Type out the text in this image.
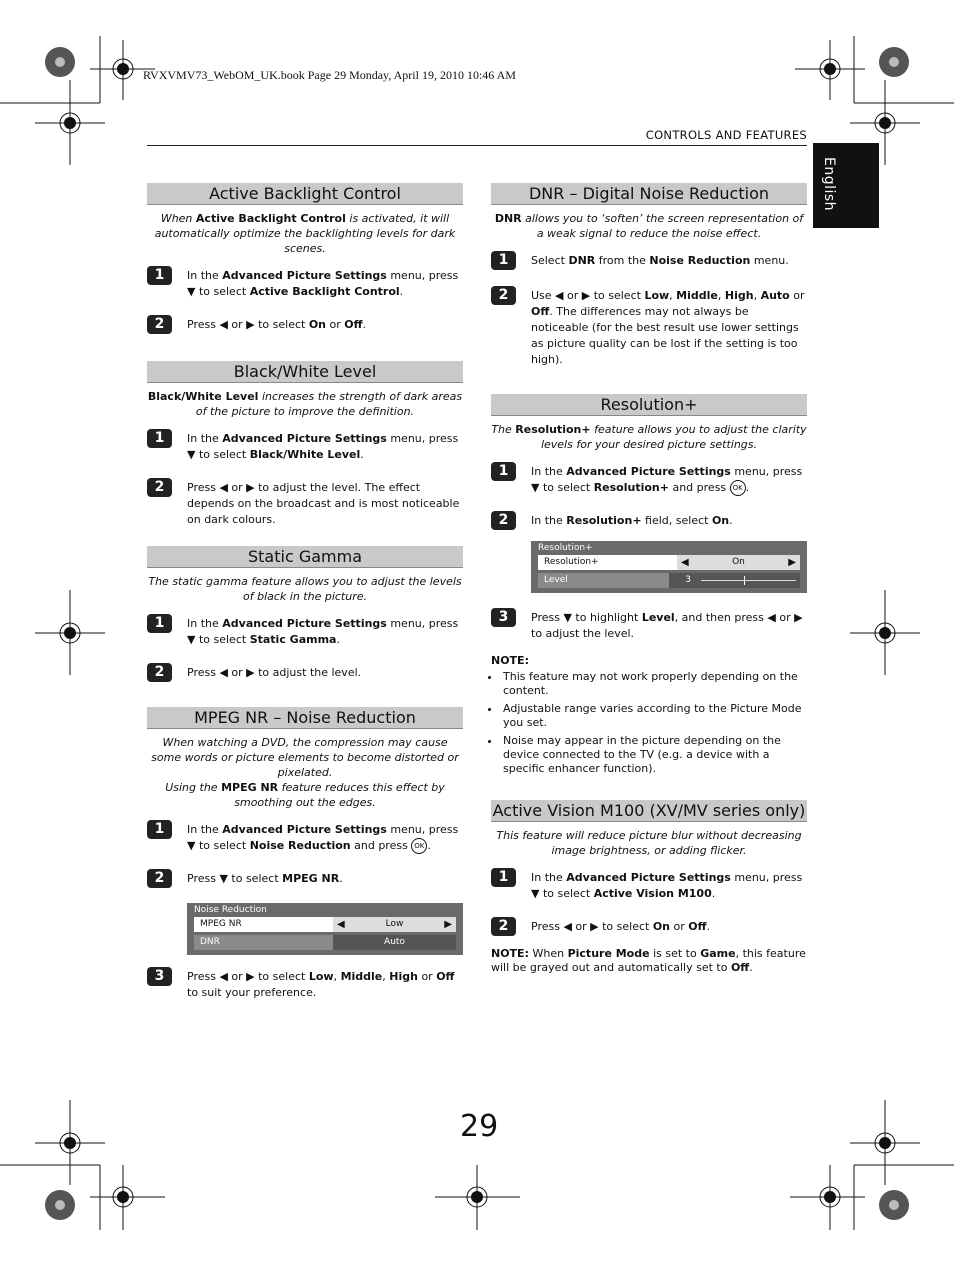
RVXVMV73_WebOM_UK.book Page 29 Monday, April 19, 2010 10:46 AM
CONTROLS AND FEATURES
English
Active Backlight Control
When Active Backlight Control is activated, it will automatically optimize the backlighting levels for dark scenes.
1	In the Advanced Picture Settings menu, press ▼ to select Active Backlight Control.
2	Press ◀ or ▶ to select On or Off.
Black/White Level
Black/White Level increases the strength of dark areas of the picture to improve the definition.
1	In the Advanced Picture Settings menu, press ▼ to select Black/White Level.
2	Press ◀ or ▶ to adjust the level. The effect depends on the broadcast and is most noticeable on dark colours.
Static Gamma
The static gamma feature allows you to adjust the levels of black in the picture.
1	In the Advanced Picture Settings menu, press ▼ to select Static Gamma.
2	Press ◀ or ▶ to adjust the level.
MPEG NR – Noise Reduction
When watching a DVD, the compression may cause some words or picture elements to become distorted or pixelated.
Using the MPEG NR feature reduces this effect by smoothing out the edges.
1	In the Advanced Picture Settings menu, press ▼ to select Noise Reduction and press OK .
2	Press ▼ to select MPEG NR.
Noise Reduction
MPEG NR	◀	Low	▶
DNR	Auto
3	Press ◀ or ▶ to select Low, Middle, High or Off to suit your preference.
DNR – Digital Noise Reduction
DNR allows you to ‘soften’ the screen representation of a weak signal to reduce the noise effect.
1	Select DNR from the Noise Reduction menu.
2	Use ◀ or ▶ to select Low, Middle, High, Auto or Off. The differences may not always be noticeable (for the best result use lower settings as picture quality can be lost if the setting is too high).
Resolution+
The Resolution+ feature allows you to adjust the clarity levels for your desired picture settings.
1	In the Advanced Picture Settings menu, press ▼ to select Resolution+ and press OK .
2	In the Resolution+ field, select On.
Resolution+
Resolution+	◀	On	▶
Level	3
3	Press ▼ to highlight Level, and then press ◀ or ▶ to adjust the level.
NOTE:
• This feature may not work properly depending on the content.
• Adjustable range varies according to the Picture Mode you set.
• Noise may appear in the picture depending on the device connected to the TV (e.g. a device with a specific enhancer function).
Active Vision M100 (XV/MV series only)
This feature will reduce picture blur without decreasing image brightness, or adding flicker.
1	In the Advanced Picture Settings menu, press ▼ to select Active Vision M100.
2	Press ◀ or ▶ to select On or Off.
NOTE: When Picture Mode is set to Game, this feature will be grayed out and automatically set to Off.
29
